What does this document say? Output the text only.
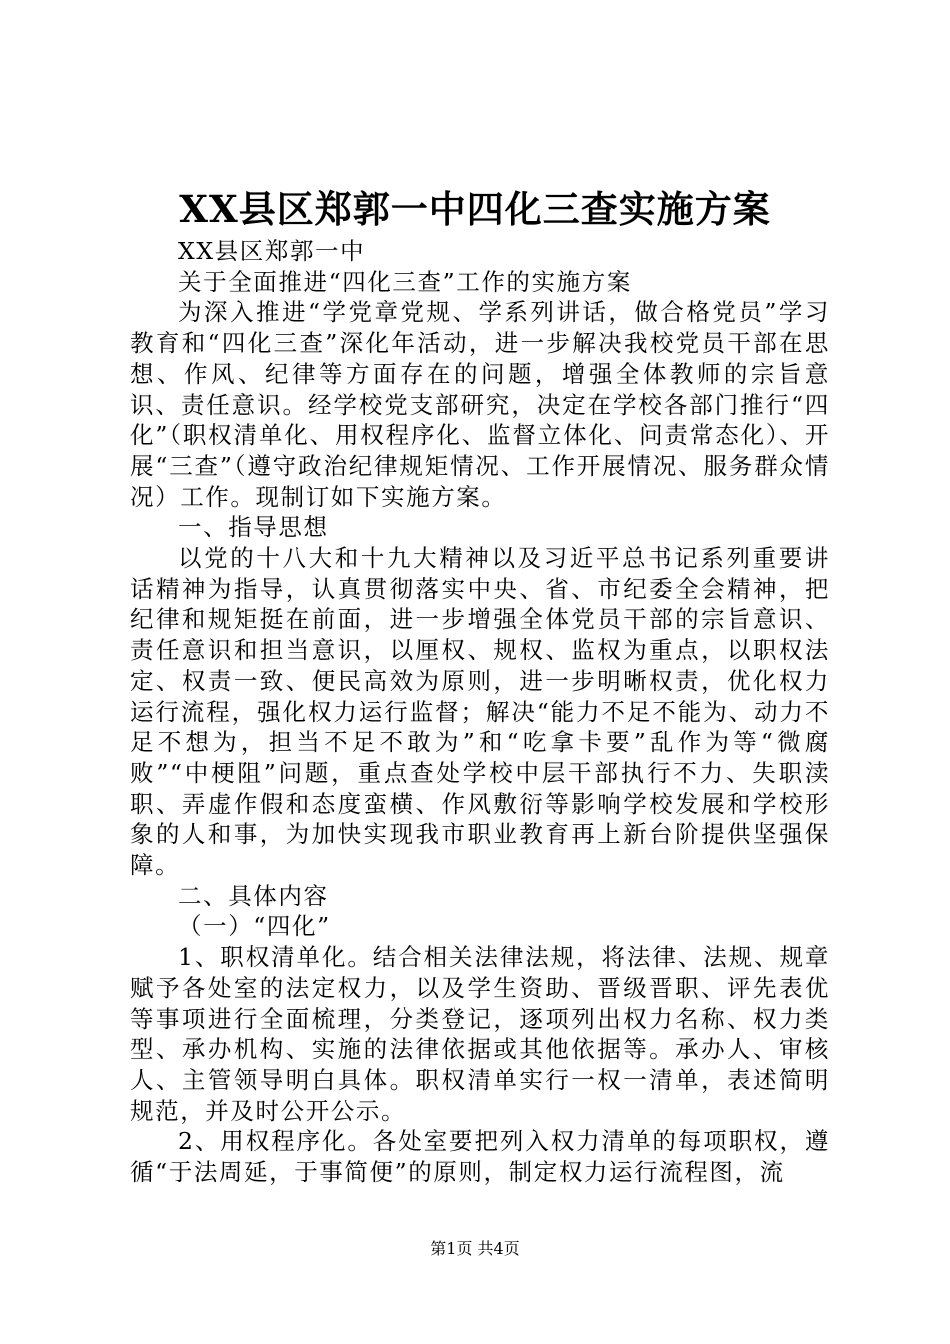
XX县区郑郭一中四化三查实施方案

XX县区郑郭一中

关于全面推进“四化三查”工作的实施方案

为深入推进“学党章党规、学系列讲话，做合格党员”学习教育和“四化三查”深化年活动，进一步解决我校党员干部在思想、作风、纪律等方面存在的问题，增强全体教师的宗旨意识、责任意识。经学校党支部研究，决定在学校各部门推行“四化”（职权清单化、用权程序化、监督立体化、问责常态化）、开展“三查”（遵守政治纪律规矩情况、工作开展情况、服务群众情况）工作。现制订如下实施方案。

一、指导思想

以党的十八大和十九大精神以及习近平总书记系列重要讲话精神为指导，认真贯彻落实中央、省、市纪委全会精神，把纪律和规矩挺在前面，进一步增强全体党员干部的宗旨意识、责任意识和担当意识，以厘权、规权、监权为重点，以职权法定、权责一致、便民高效为原则，进一步明晰权责，优化权力运行流程，强化权力运行监督；解决“能力不足不能为、动力不足不想为，担当不足不敢为”和“吃拿卡要”乱作为等“微腐败”“中梗阻”问题，重点查处学校中层干部执行不力、失职渎职、弄虚作假和态度蛮横、作风敷衍等影响学校发展和学校形象的人和事，为加快实现我市职业教育再上新台阶提供坚强保障。

二、具体内容

（一）“四化”

1、职权清单化。结合相关法律法规，将法律、法规、规章赋予各处室的法定权力，以及学生资助、晋级晋职、评先表优等事项进行全面梳理，分类登记，逐项列出权力名称、权力类型、承办机构、实施的法律依据或其他依据等。承办人、审核人、主管领导明白具体。职权清单实行一权一清单，表述简明规范，并及时公开公示。

2、用权程序化。各处室要把列入权力清单的每项职权，遵循“于法周延，于事简便”的原则，制定权力运行流程图，流

第1页 共4页
